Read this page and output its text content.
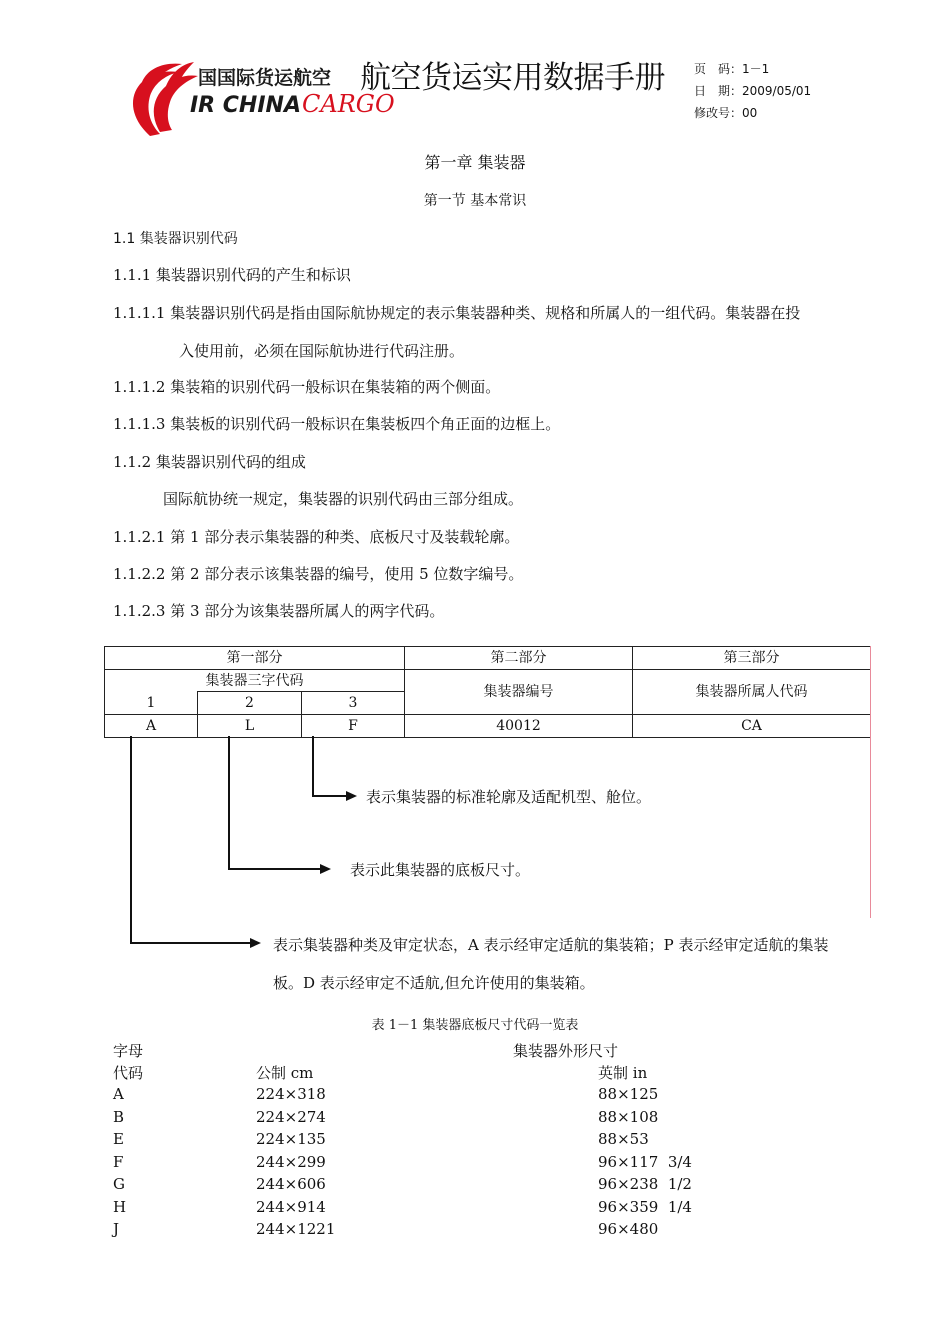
国国际货运航空
IR CHINA CARGO
航空货运实用数据手册 页　码：1－1
日　期：2009/05/01
修改号：00
第一章 集装器
第一节 基本常识
1.1 集装器识别代码
1.1.1 集装器识别代码的产生和标识
1.1.1.1 集装器识别代码是指由国际航协规定的表示集装器种类、规格和所属人的一组代码。集装器在投
入使用前，必须在国际航协进行代码注册。
1.1.1.2 集装箱的识别代码一般标识在集装箱的两个侧面。
1.1.1.3 集装板的识别代码一般标识在集装板四个角正面的边框上。
1.1.2 集装器识别代码的组成
国际航协统一规定，集装器的识别代码由三部分组成。
1.1.2.1 第 1 部分表示集装器的种类、底板尺寸及装载轮廓。
1.1.2.2 第 2 部分表示该集装器的编号，使用 5 位数字编号。
1.1.2.3 第 3 部分为该集装器所属人的两字代码。
第一部分			第二部分	第三部分
集装器三字代码			集装器编号	集装器所属人代码
1	2	3		
A	L	F	40012	CA
表示集装器的标准轮廓及适配机型、舱位。
表示此集装器的底板尺寸。
表示集装器种类及审定状态，A 表示经审定适航的集装箱；P 表示经审定适航的集装
板。D 表示经审定不适航,但允许使用的集装箱。
表 1－1 集装器底板尺寸代码一览表
字母	集装器外形尺寸
代码	公制 cm	英制 in
A	224×318	88×125
B	224×274	88×108
E	224×135	88×53
F	244×299	96×117  3/4
G	244×606	96×238  1/2
H	244×914	96×359  1/4
J	244×1221	96×480
